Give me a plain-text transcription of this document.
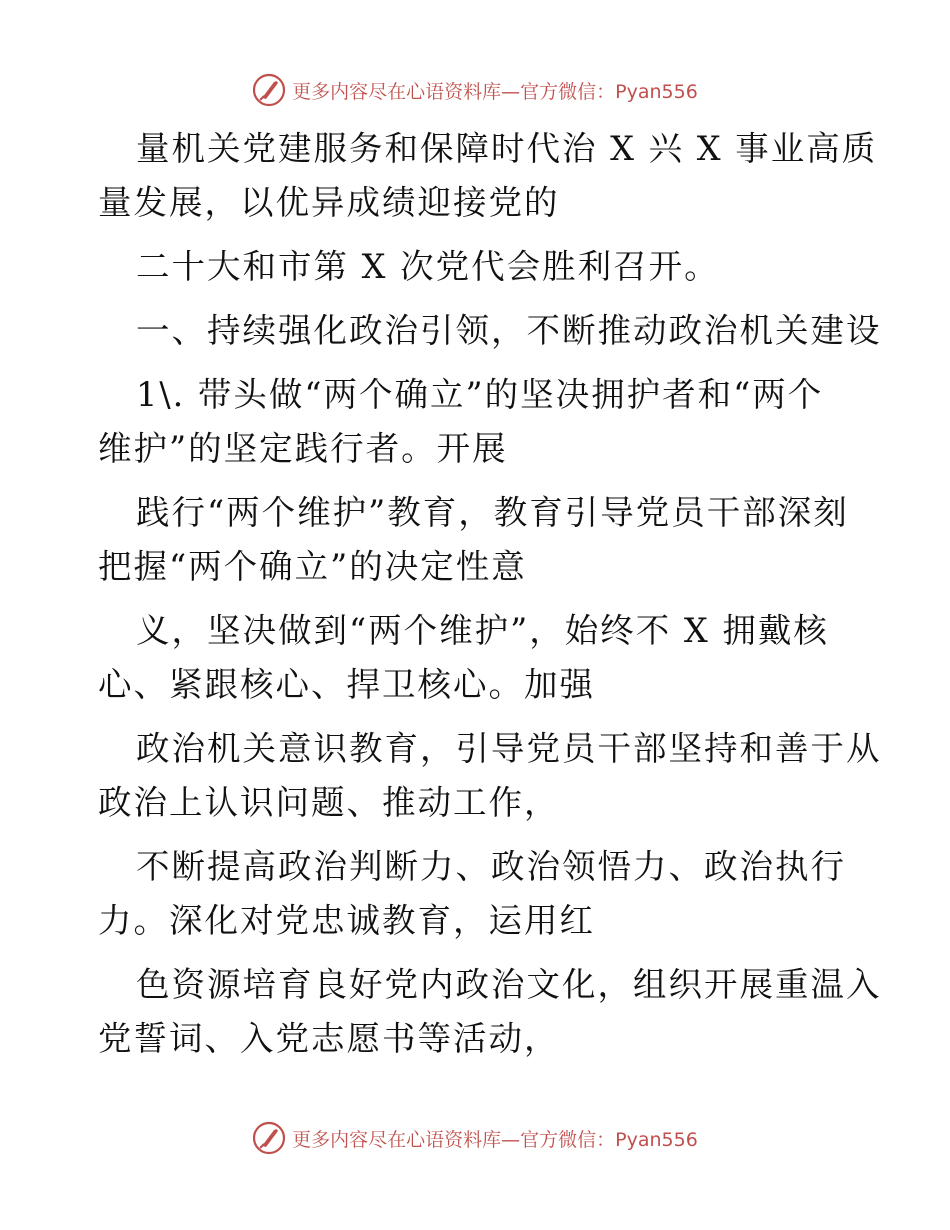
更多内容尽在心语资料库—官方微信：Pyan556

量机关党建服务和保障时代治 X 兴 X 事业高质
量发展，以优异成绩迎接党的

二十大和市第 X 次党代会胜利召开。

一、持续强化政治引领，不断推动政治机关建设

1\. 带头做“两个确立”的坚决拥护者和“两个
维护”的坚定践行者。开展

践行“两个维护”教育，教育引导党员干部深刻
把握“两个确立”的决定性意

义，坚决做到“两个维护”，始终不 X 拥戴核
心、紧跟核心、捍卫核心。加强

政治机关意识教育，引导党员干部坚持和善于从
政治上认识问题、推动工作，

不断提高政治判断力、政治领悟力、政治执行
力。深化对党忠诚教育，运用红

色资源培育良好党内政治文化，组织开展重温入
党誓词、入党志愿书等活动，

更多内容尽在心语资料库—官方微信：Pyan556
